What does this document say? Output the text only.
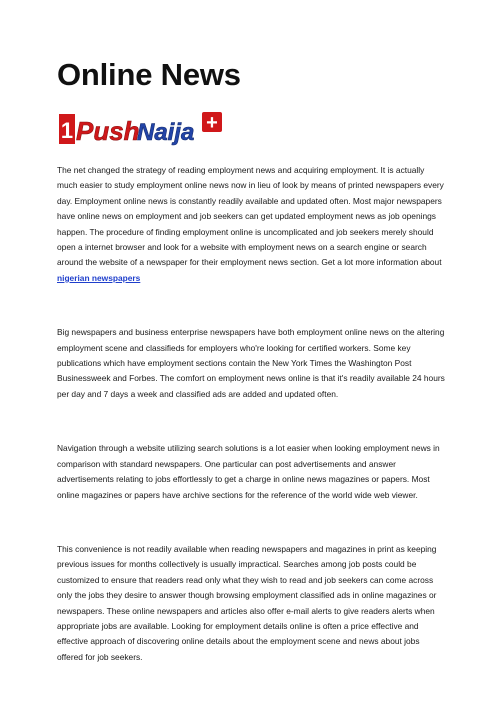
Online News
1 Push
Naija +

The net changed the strategy of reading employment news and acquiring employment. It is actually much easier to study employment online news now in lieu of look by means of printed newspapers every day. Employment online news is constantly readily available and updated often. Most major newspapers have online news on employment and job seekers can get updated employment news as job openings happen. The procedure of finding employment online is uncomplicated and job seekers merely should open a internet browser and look for a website with employment news on a search engine or search around the website of a newspaper for their employment news section. Get a lot more information about nigerian newspapers

Big newspapers and business enterprise newspapers have both employment online news on the altering employment scene and classifieds for employers who're looking for certified workers. Some key publications which have employment sections contain the New York Times the Washington Post Businessweek and Forbes. The comfort on employment news online is that it's readily available 24 hours per day and 7 days a week and classified ads are added and updated often.

Navigation through a website utilizing search solutions is a lot easier when looking employment news in comparison with standard newspapers. One particular can post advertisements and answer advertisements relating to jobs effortlessly to get a charge in online news magazines or papers. Most online magazines or papers have archive sections for the reference of the world wide web viewer.

This convenience is not readily available when reading newspapers and magazines in print as keeping previous issues for months collectively is usually impractical. Searches among job posts could be customized to ensure that readers read only what they wish to read and job seekers can come across only the jobs they desire to answer though browsing employment classified ads in online magazines or newspapers. These online newspapers and articles also offer e-mail alerts to give readers alerts when appropriate jobs are available. Looking for employment details online is often a price effective and effective approach of discovering online details about the employment scene and news about jobs offered for job seekers.
